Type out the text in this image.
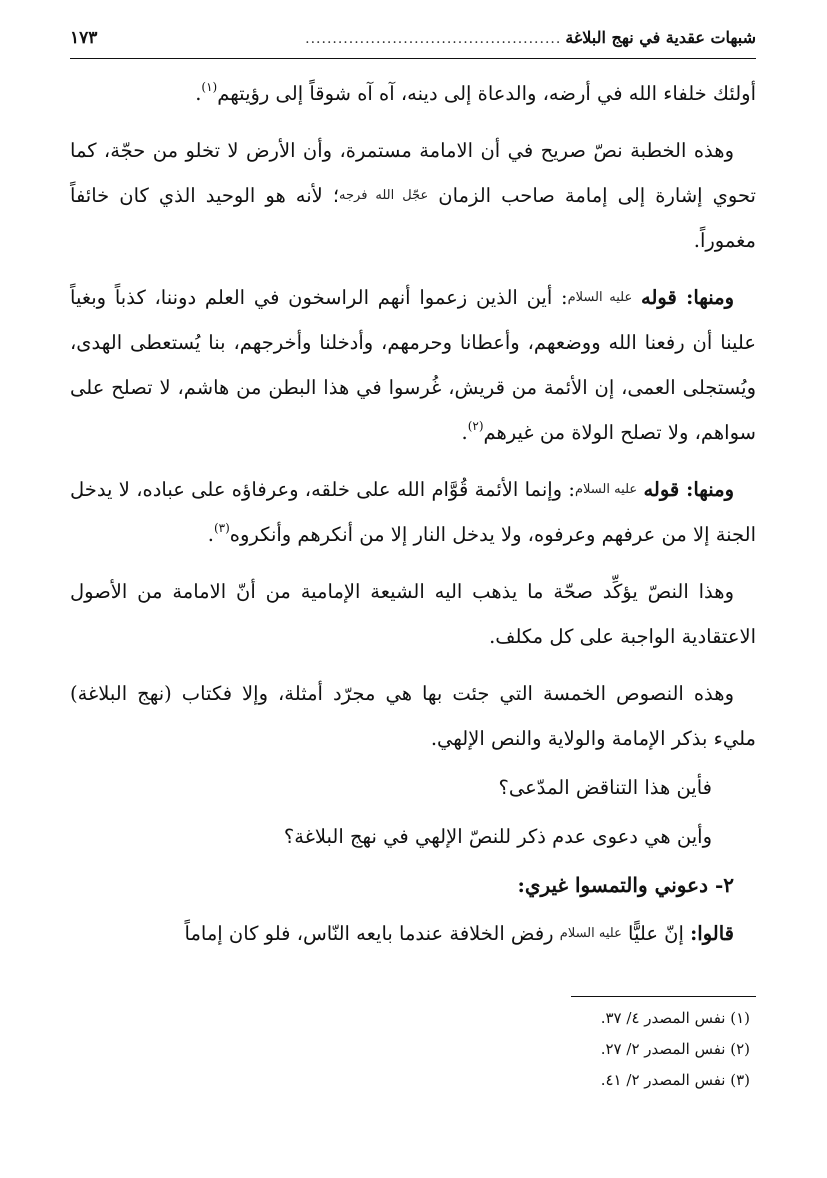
شبهات عقدية في نهج البلاغة
...............................................
١٧٣

أولئك خلفاء الله في أرضه، والدعاة إلى دينه، آه آه شوقاً إلى رؤيتهم$^{(١)}$.

وهذه الخطبة نصّ صريح في أن الامامة مستمرة، وأن الأرض لا تخلو من حجّة، كما تحوي إشارة إلى إمامة صاحب الزمان عجّل الله فرجه؛ لأنه هو الوحيد الذي كان خائفاً مغموراً.

ومنها: قوله عليه السلام: أين الذين زعموا أنهم الراسخون في العلم دوننا، كذباً وبغياً علينا أن رفعنا الله ووضعهم، وأعطانا وحرمهم، وأدخلنا وأخرجهم، بنا يُستعطى الهدى، ويُستجلى العمى، إن الأئمة من قريش، غُرسوا في هذا البطن من هاشم، لا تصلح على سواهم، ولا تصلح الولاة من غيرهم$^{(٢)}$.

ومنها: قوله عليه السلام: وإنما الأئمة قُوَّام الله على خلقه، وعرفاؤه على عباده، لا يدخل الجنة إلا من عرفهم وعرفوه، ولا يدخل النار إلا من أنكرهم وأنكروه$^{(٣)}$.

وهذا النصّ يؤكِّد صحّة ما يذهب اليه الشيعة الإمامية من أنّ الامامة من الأصول الاعتقادية الواجبة على كل مكلف.

وهذه النصوص الخمسة التي جئت بها هي مجرّد أمثلة، وإلا فكتاب (نهج البلاغة) مليء بذكر الإمامة والولاية والنص الإلهي.

فأين هذا التناقض المدّعى؟

وأين هي دعوى عدم ذكر للنصّ الإلهي في نهج البلاغة؟

٢- دعوني والتمسوا غيري:

قالوا: إنّ عليًّا عليه السلام رفض الخلافة عندما بايعه النّاس، فلو كان إماماً

(١) نفس المصدر ٤/ ٣٧.
(٢) نفس المصدر ٢/ ٢٧.
(٣) نفس المصدر ٢/ ٤١.
